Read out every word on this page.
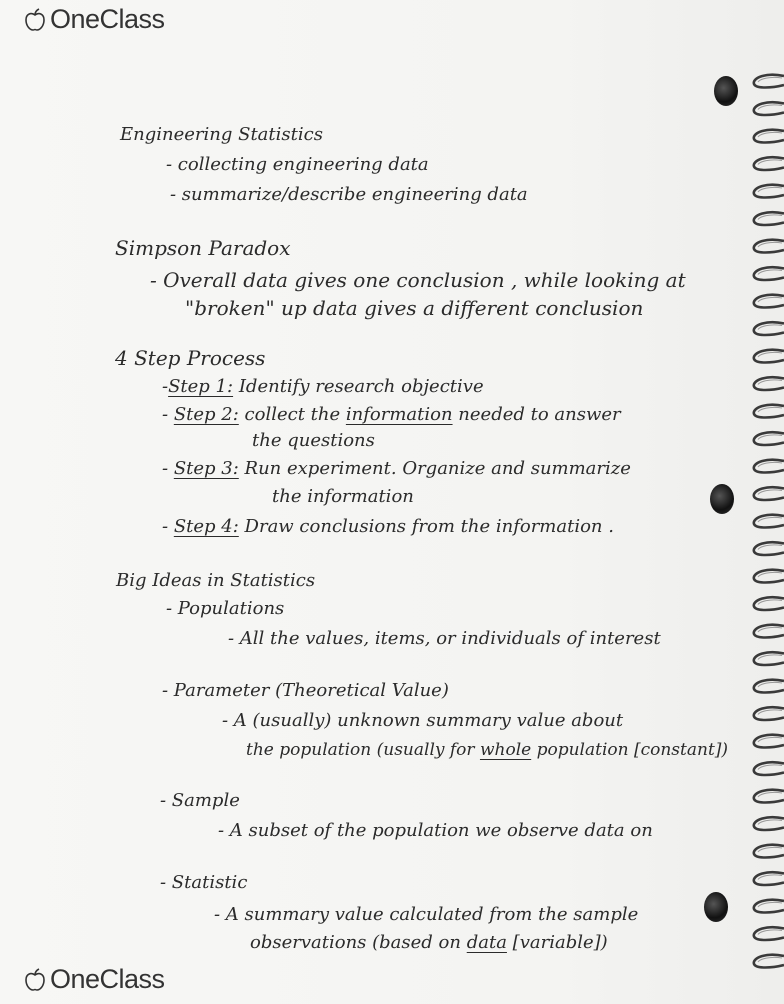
OneClass

Engineering Statistics

- collecting engineering data

- summarize/describe engineering data

Simpson Paradox

- Overall data gives one conclusion , while looking at

"broken" up data gives a different conclusion

4 Step Process

-Step 1: Identify research objective

- Step 2: collect the information needed to answer

the questions

- Step 3: Run experiment. Organize and summarize

the information

- Step 4: Draw conclusions from the information .

Big Ideas in Statistics

- Populations

- All the values, items, or individuals of interest

- Parameter (Theoretical Value)

- A (usually) unknown summary value about

the population (usually for whole population [constant])

- Sample

- A subset of the population we observe data on

- Statistic

- A summary value calculated from the sample

observations (based on data [variable])

OneClass
